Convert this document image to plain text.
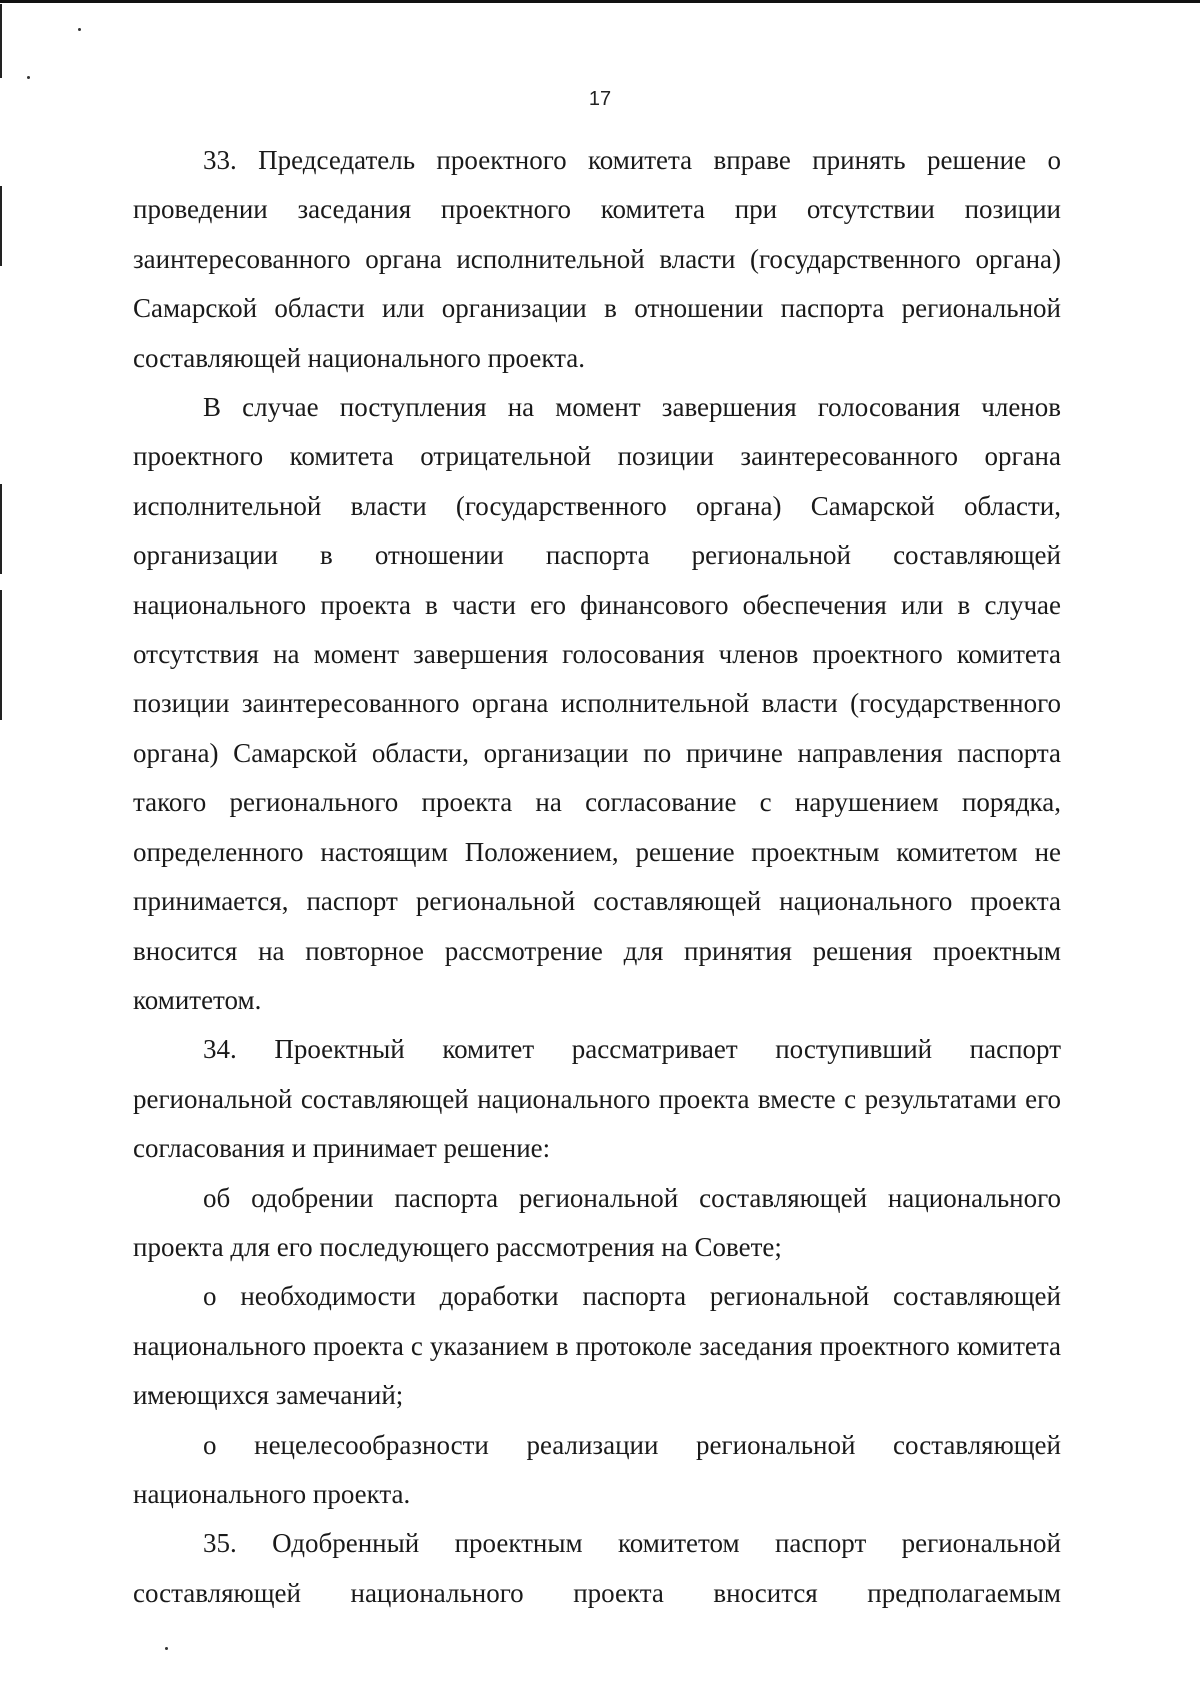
17

33. Председатель проектного комитета вправе принять решение о проведении заседания проектного комитета при отсутствии позиции заинтересованного органа исполнительной власти (государственного органа) Самарской области или организации в отношении паспорта региональной составляющей национального проекта.

В случае поступления на момент завершения голосования членов проектного комитета отрицательной позиции заинтересованного органа исполнительной власти (государственного органа) Самарской области, организации в отношении паспорта региональной составляющей национального проекта в части его финансового обеспечения или в случае отсутствия на момент завершения голосования членов проектного комитета позиции заинтересованного органа исполнительной власти (государственного органа) Самарской области, организации по причине направления паспорта такого регионального проекта на согласование с нарушением порядка, определенного настоящим Положением, решение проектным комитетом не принимается, паспорт региональной составляющей национального проекта вносится на повторное рассмотрение для принятия решения проектным комитетом.

34. Проектный комитет рассматривает поступивший паспорт региональной составляющей национального проекта вместе с результатами его согласования и принимает решение:

об одобрении паспорта региональной составляющей национального проекта для его последующего рассмотрения на Совете;

о необходимости доработки паспорта региональной составляющей национального проекта с указанием в протоколе заседания проектного комитета имеющихся замечаний;

о нецелесообразности реализации региональной составляющей национального проекта.

35. Одобренный проектным комитетом паспорт региональной составляющей национального проекта вносится предполагаемым
